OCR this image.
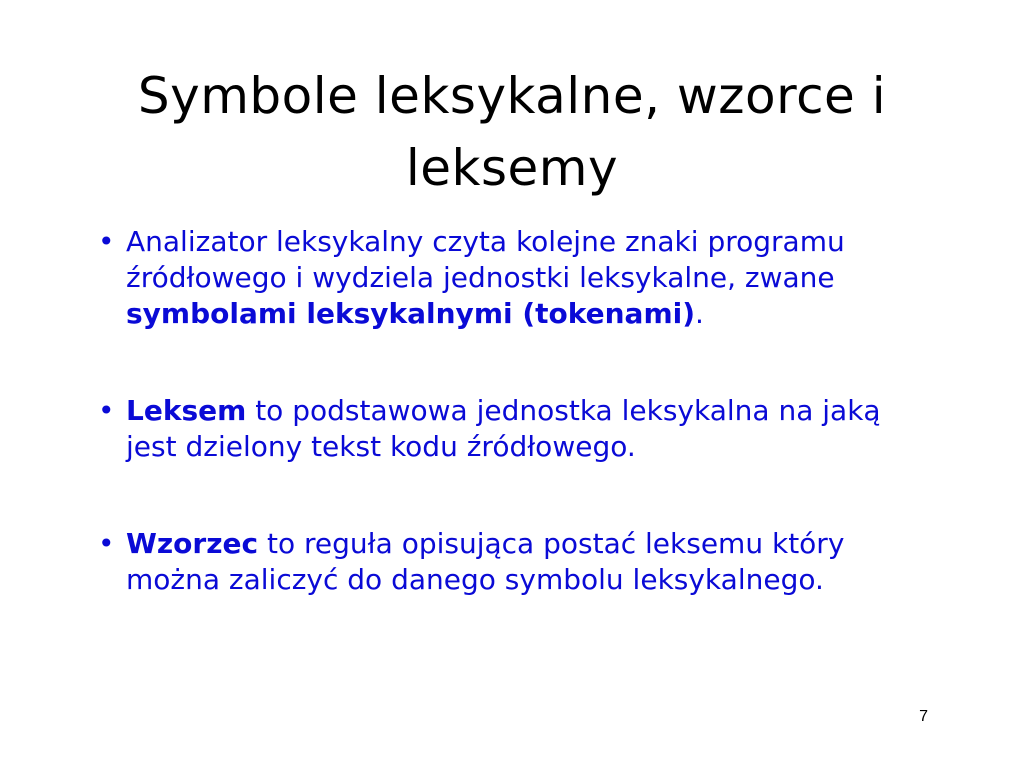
Symbole leksykalne, wzorce i leksemy
• Analizator leksykalny czyta kolejne znaki programu źródłowego i wydziela jednostki leksykalne, zwane symbolami leksykalnymi (tokenami).
• Leksem to podstawowa jednostka leksykalna na jaką jest dzielony tekst kodu źródłowego.
• Wzorzec to reguła opisująca postać leksemu który można zaliczyć do danego symbolu leksykalnego.
7
